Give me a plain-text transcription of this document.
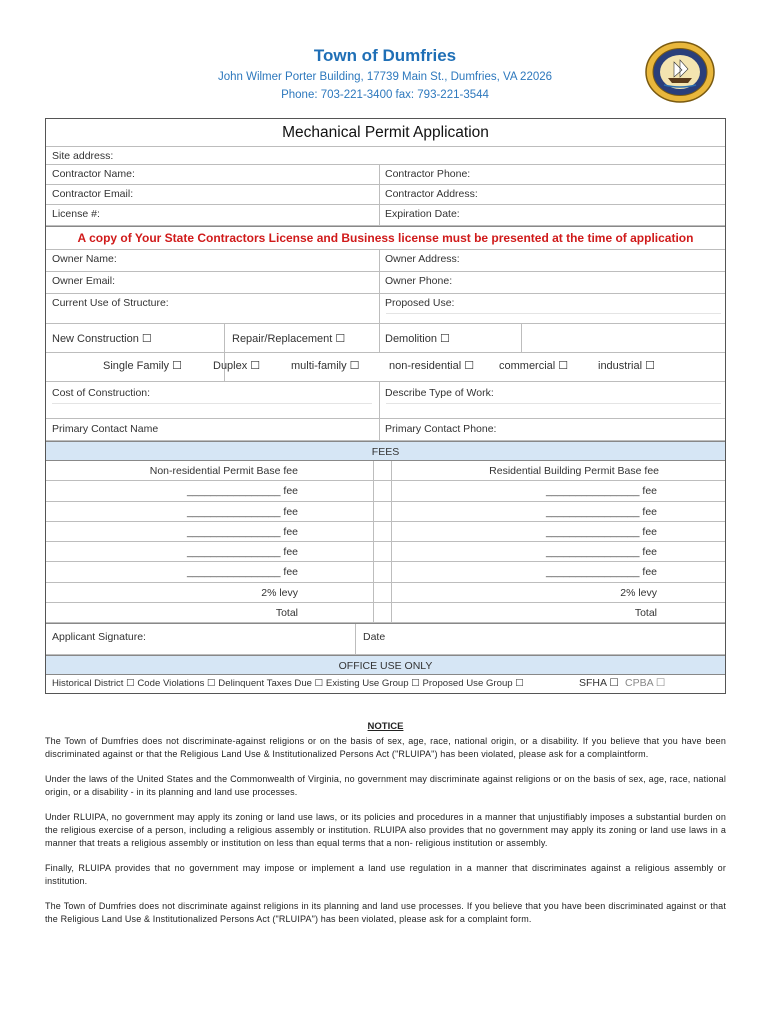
Town of Dumfries
John Wilmer Porter Building, 17739 Main St., Dumfries, VA 22026
Phone: 703-221-3400 fax: 793-221-3544
Mechanical Permit Application
Site address:
Contractor Name:	Contractor Phone:
Contractor Email:	Contractor Address:
License #:	Expiration Date:
A copy of Your State Contractors License and Business license must be presented at the time of application
Owner Name:	Owner Address:
Owner Email:	Owner Phone:
Current Use of Structure:	Proposed Use:
New Construction ☐	Repair/Replacement ☐	Demolition ☐
Single Family ☐	Duplex ☐	multi-family ☐	non-residential ☐ commercial ☐	industrial ☐
Cost of Construction:	Describe Type of Work:
Primary Contact Name	Primary Contact Phone:
FEES
Non-residential Permit Base fee	Residential Building Permit Base fee
________________ fee	________________ fee
________________ fee	________________ fee
________________ fee	________________ fee
________________ fee	________________ fee
________________ fee	________________ fee
2% levy	2% levy
Total	Total
Applicant Signature:	Date
OFFICE USE ONLY
Historical District ☐ Code Violations ☐ Delinquent Taxes Due ☐ Existing Use Group ☐ Proposed Use Group ☐	SFHA ☐ CPBA ☐
NOTICE
The Town of Dumfries does not discriminate-against religions or on the basis of sex, age, race, national origin, or a disability. If you believe that you have been discriminated against or that the Religious Land Use & Institutionalized Persons Act ("RLUIPA") has been violated, please ask for a complaintform.
Under the laws of the United States and the Commonwealth of Virginia, no government may discriminate against religions or on the basis of sex, age, race, national origin, or a disability - in its planning and land use processes.
Under RLUIPA, no government may apply its zoning or land use laws, or its policies and procedures in a manner that unjustifiably imposes a substantial burden on the religious exercise of a person, including a religious assembly or institution. RLUIPA also provides that no government may apply its zoning or land use laws in a manner that treats a religious assembly or institution on less than equal terms that a non- religious institution or assembly.
Finally, RLUIPA provides that no government may impose or implement a land use regulation in a manner that discriminates against a religious assembly or institution.
The Town of Dumfries does not discriminate against religions in its planning and land use processes. If you believe that you have been discriminated against or that the Religious Land Use & Institutionalized Persons Act ("RLUIPA") has been violated, please ask for a complaint form.
